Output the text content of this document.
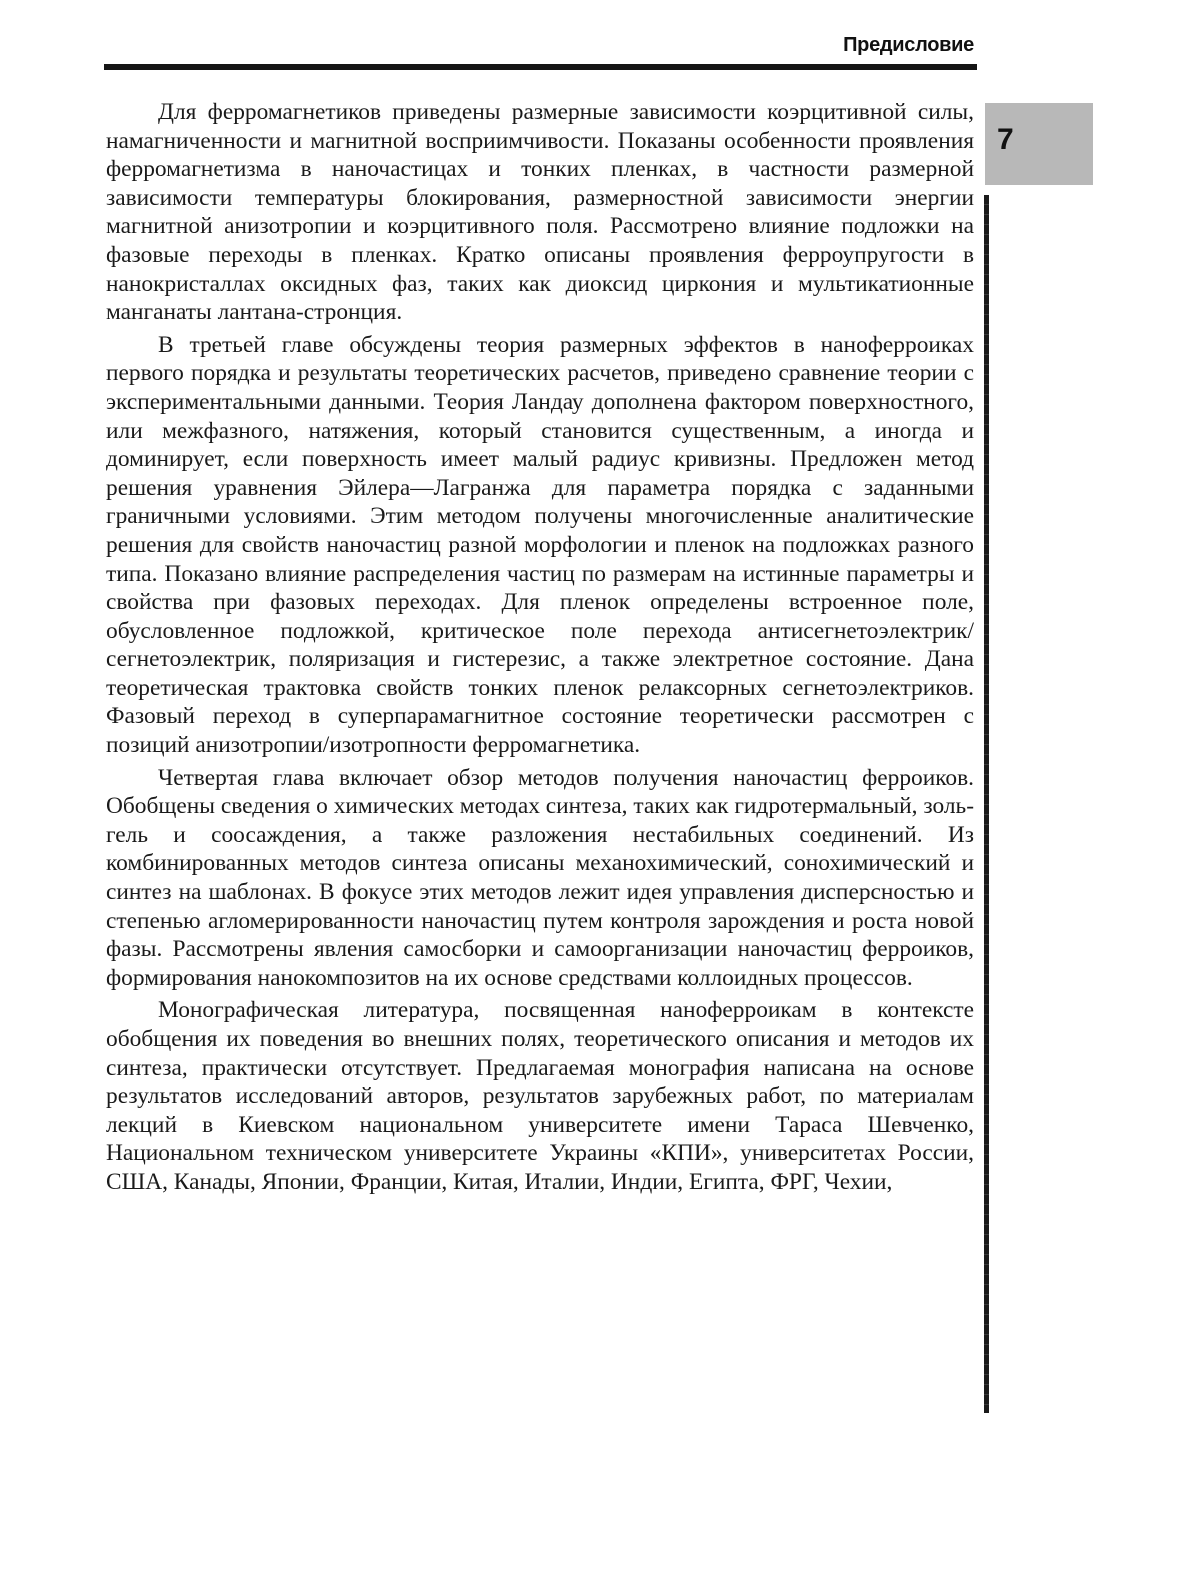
Предисловие
7

Для ферромагнетиков приведены размерные зависимости коэрцитивной силы, намагниченности и магнитной восприимчивости. Показаны особенности проявления ферромагнетизма в наночастицах и тонких пленках, в частности размерной зависимости температуры блокирования, размерностной зависимости энергии магнитной анизотропии и коэрцитивного поля. Рассмотрено влияние подложки на фазовые переходы в пленках. Кратко описаны проявления ферроупругости в нанокристаллах оксидных фаз, таких как диоксид циркония и мультикатионные манганаты лантана-стронция.

В третьей главе обсуждены теория размерных эффектов в наноферроиках первого порядка и результаты теоретических расчетов, приведено сравнение теории с экспериментальными данными. Теория Ландау дополнена фактором поверхностного, или межфазного, натяжения, который становится существенным, а иногда и доминирует, если поверхность имеет малый радиус кривизны. Предложен метод решения уравнения Эйлера—Лагранжа для параметра порядка с заданными граничными условиями. Этим методом получены многочисленные аналитические решения для свойств наночастиц разной морфологии и пленок на подложках разного типа. Показано влияние распределения частиц по размерам на истинные параметры и свойства при фазовых переходах. Для пленок определены встроенное поле, обусловленное подложкой, критическое поле перехода антисегнетоэлектрик/сегнетоэлектрик, поляризация и гистерезис, а также электретное состояние. Дана теоретическая трактовка свойств тонких пленок релаксорных сегнетоэлектриков. Фазовый переход в суперпарамагнитное состояние теоретически рассмотрен с позиций анизотропии/изотропности ферромагнетика.

Четвертая глава включает обзор методов получения наночастиц ферроиков. Обобщены сведения о химических методах синтеза, таких как гидротермальный, золь-гель и соосаждения, а также разложения нестабильных соединений. Из комбинированных методов синтеза описаны механохимический, сонохимический и синтез на шаблонах. В фокусе этих методов лежит идея управления дисперсностью и степенью агломерированности наночастиц путем контроля зарождения и роста новой фазы. Рассмотрены явления самосборки и самоорганизации наночастиц ферроиков, формирования нанокомпозитов на их основе средствами коллоидных процессов.

Монографическая литература, посвященная наноферроикам в контексте обобщения их поведения во внешних полях, теоретического описания и методов их синтеза, практически отсутствует. Предлагаемая монография написана на основе результатов исследований авторов, результатов зарубежных работ, по материалам лекций в Киевском национальном университете имени Тараса Шевченко, Национальном техническом университете Украины «КПИ», университетах России, США, Канады, Японии, Франции, Китая, Италии, Индии, Египта, ФРГ, Чехии,
